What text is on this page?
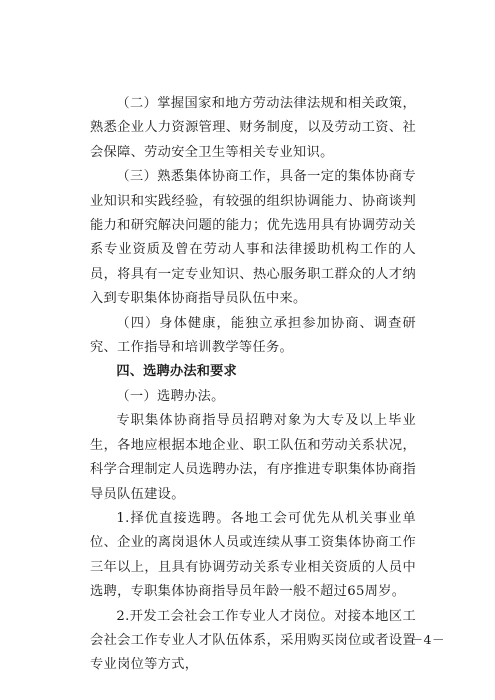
（二）掌握国家和地方劳动法律法规和相关政策，熟悉企业人力资源管理、财务制度，以及劳动工资、社会保障、劳动安全卫生等相关专业知识。

（三）熟悉集体协商工作，具备一定的集体协商专业知识和实践经验，有较强的组织协调能力、协商谈判能力和研究解决问题的能力；优先选用具有协调劳动关系专业资质及曾在劳动人事和法律援助机构工作的人员，将具有一定专业知识、热心服务职工群众的人才纳入到专职集体协商指导员队伍中来。

（四）身体健康，能独立承担参加协商、调查研究、工作指导和培训教学等任务。

四、选聘办法和要求

（一）选聘办法。

专职集体协商指导员招聘对象为大专及以上毕业生，各地应根据本地企业、职工队伍和劳动关系状况，科学合理制定人员选聘办法，有序推进专职集体协商指导员队伍建设。

1.择优直接选聘。各地工会可优先从机关事业单位、企业的离岗退休人员或连续从事工资集体协商工作三年以上，且具有协调劳动关系专业相关资质的人员中选聘，专职集体协商指导员年龄一般不超过65周岁。

2.开发工会社会工作专业人才岗位。对接本地区工会社会工作专业人才队伍体系，采用购买岗位或者设置专业岗位等方式，

－4－
